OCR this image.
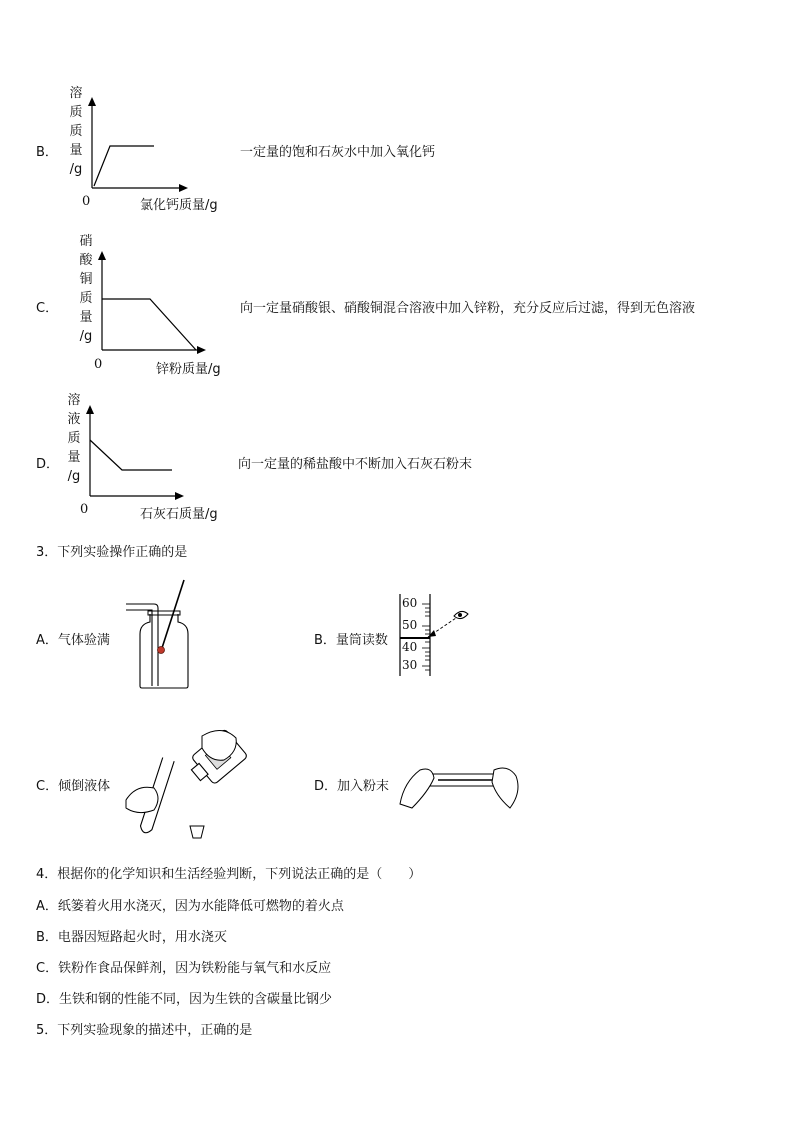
B．
溶
质
质
量
/g
0	氯化钙质量/g
一定量的饱和石灰水中加入氧化钙
C．
硝
酸
铜
质
量
/g
0	锌粉质量/g
向一定量硝酸银、硝酸铜混合溶液中加入锌粉，充分反应后过滤，得到无色溶液
D．
溶
液
质
量
/g
0	石灰石质量/g
向一定量的稀盐酸中不断加入石灰石粉末
3．下列实验操作正确的是
A．气体验满	B．量筒读数
60
50
40
30
C．倾倒液体	D．加入粉末
4．根据你的化学知识和生活经验判断，下列说法正确的是（　　）
A．纸篓着火用水浇灭，因为水能降低可燃物的着火点
B．电器因短路起火时，用水浇灭
C．铁粉作食品保鲜剂，因为铁粉能与氧气和水反应
D．生铁和钢的性能不同，因为生铁的含碳量比钢少
5．下列实验现象的描述中，正确的是
